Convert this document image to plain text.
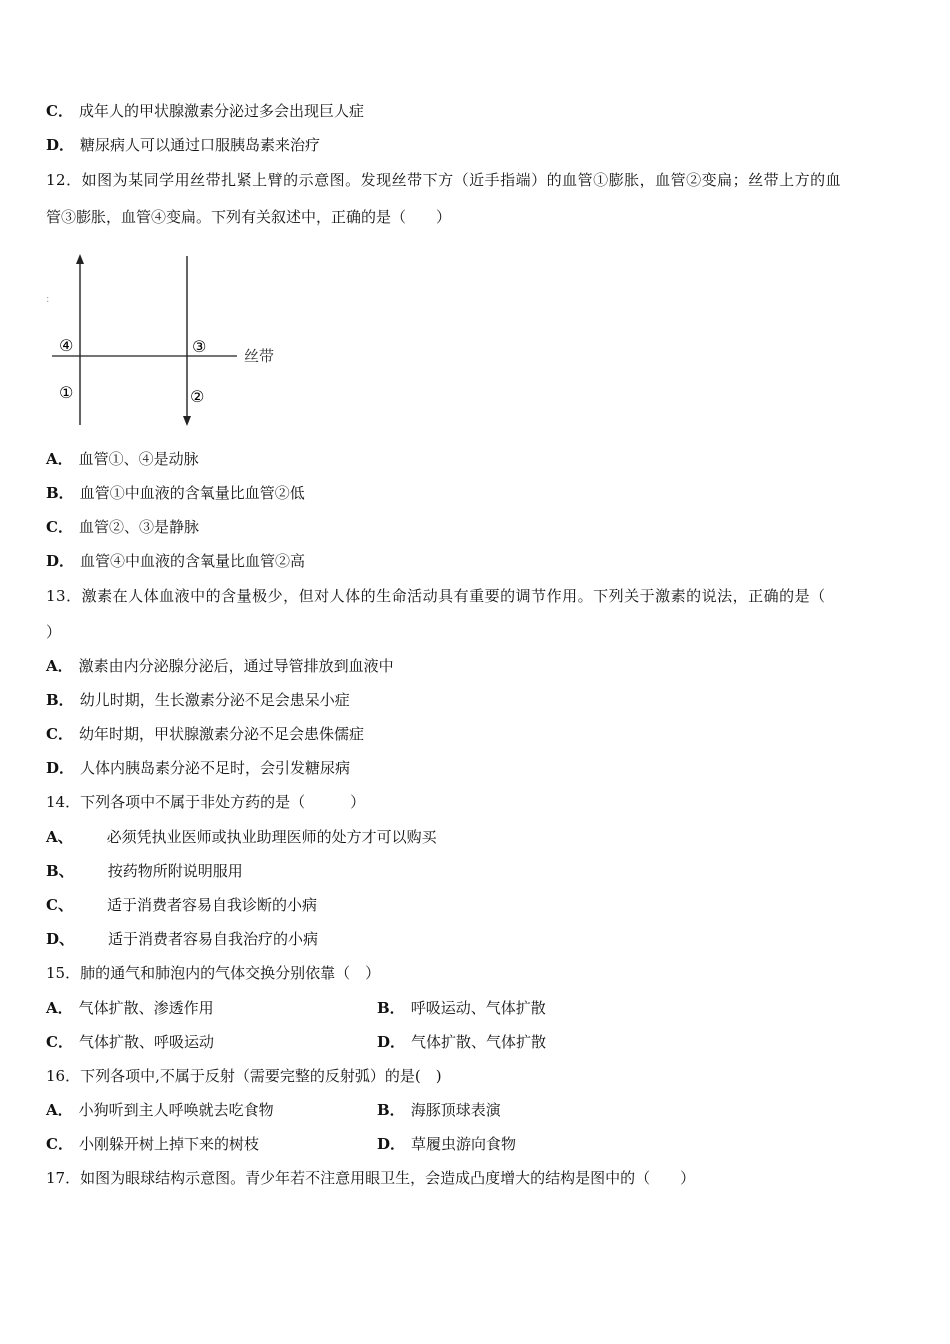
C． 成年人的甲状腺激素分泌过多会出现巨人症
D． 糖尿病人可以通过口服胰岛素来治疗
12．如图为某同学用丝带扎紧上臂的示意图。发现丝带下方（近手指端）的血管①膨胀，血管②变扁；丝带上方的血
管③膨胀，血管④变扁。下列有关叙述中，正确的是（　　）
:
④	③
①	②
丝带
A． 血管①、④是动脉
B． 血管①中血液的含氧量比血管②低
C． 血管②、③是静脉
D． 血管④中血液的含氧量比血管②高
13．激素在人体血液中的含量极少，但对人体的生命活动具有重要的调节作用。下列关于激素的说法，正确的是（
）
A． 激素由内分泌腺分泌后，通过导管排放到血液中
B． 幼儿时期，生长激素分泌不足会患呆小症
C． 幼年时期，甲状腺激素分泌不足会患侏儒症
D． 人体内胰岛素分泌不足时，会引发糖尿病
14．下列各项中不属于非处方药的是（　　　）
A、 必须凭执业医师或执业助理医师的处方才可以购买
B、 按药物所附说明服用
C、 适于消费者容易自我诊断的小病
D、 适于消费者容易自我治疗的小病
15．肺的通气和肺泡内的气体交换分别依靠（　）
A． 气体扩散、渗透作用	B． 呼吸运动、气体扩散
C． 气体扩散、呼吸运动	D． 气体扩散、气体扩散
16．下列各项中,不属于反射（需要完整的反射弧）的是(　)
A． 小狗听到主人呼唤就去吃食物	B． 海豚顶球表演
C． 小刚躲开树上掉下来的树枝	D． 草履虫游向食物
17．如图为眼球结构示意图。青少年若不注意用眼卫生，会造成凸度增大的结构是图中的（　　）
